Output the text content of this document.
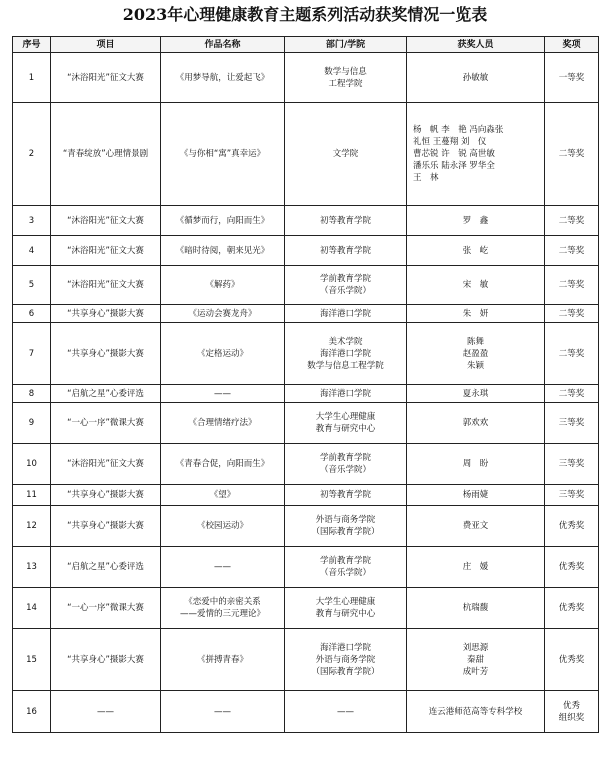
2023年心理健康教育主题系列活动获奖情况一览表
序号	项目	作品名称	部门/学院	获奖人员	奖项

1	“沐浴阳光”征文大赛	《用梦导航，让爱起飞》	数学与信息
工程学院	孙敏敏	一等奖

2	“青春绽放”心理情景剧	《与你相“寓”真幸运》	文学院	杨　帆 李　艳 冯向淼张
礼恒 王蔓翔 刘　仪
曹芯锐 许　锐 高世敏
潘乐乐 陆永泽 罗华全
王　林	二等奖

3	“沐浴阳光”征文大赛	《循梦而行，向阳而生》	初等教育学院	罗　鑫	二等奖

4	“沐浴阳光”征文大赛	《暗时待阅，朝来见光》	初等教育学院	张　屹	二等奖

5	“沐浴阳光”征文大赛	《解药》	学前教育学院
（音乐学院）	宋　敏	二等奖

6	“共享身心”摄影大赛	《运动会赛龙舟》	海洋港口学院	朱　妍	二等奖

7	“共享身心”摄影大赛	《定格运动》	美术学院
海洋港口学院
数学与信息工程学院	陈舞
赵盈盈
朱颖	二等奖

8	“启航之星”心委评选	——	海洋港口学院	夏永琪	二等奖

9	“一心一序”微课大赛	《合理情绪疗法》	大学生心理健康
教育与研究中心	郭欢欢	三等奖

10	“沐浴阳光”征文大赛	《青春合促，向阳而生》	学前教育学院
（音乐学院）	周　盼	三等奖

11	“共享身心”摄影大赛	《望》	初等教育学院	杨雨婕	三等奖

12	“共享身心”摄影大赛	《校园运动》	外语与商务学院
（国际教育学院）	费亚文	优秀奖

13	“启航之星”心委评选	——	学前教育学院
（音乐学院）	庄　媛	优秀奖

14	“一心一序”微课大赛	《恋爱中的亲密关系
——爱情的三元理论》	大学生心理健康
教育与研究中心	杭瑞馥	优秀奖

15	“共享身心”摄影大赛	《拼搏青春》	海洋港口学院
外语与商务学院
（国际教育学院）	刘思源
秦甜
成叶芳	优秀奖

16	——	——	——	连云港师范高等专科学校	优秀
组织奖
